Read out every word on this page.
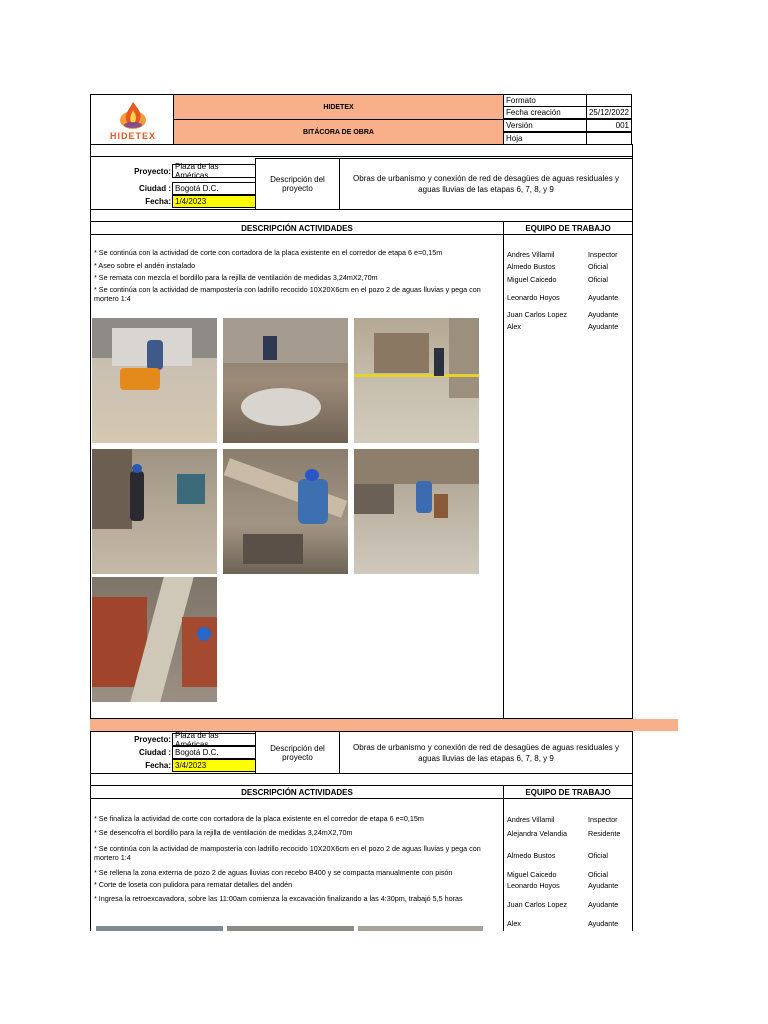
HIDETEX
HIDETEX
BITÁCORA DE OBRA
Formato
Fecha creación	25/12/2022
Versión	001
Hoja
Proyecto: Plaza de las Américas
Ciudad : Bogotá D.C.
Fecha: 1/4/2023
Descripción del proyecto
Obras de urbanismo y conexión de red de desagües de aguas residuales y aguas lluvias de las etapas 6, 7, 8, y 9
DESCRIPCIÓN ACTIVIDADES	EQUIPO DE TRABAJO
* Se continúa con la actividad de corte con cortadora de la placa existente en el corredor de etapa 6 e=0,15m
* Aseo sobre el andén instalado
* Se remata con mezcla el bordillo para la rejilla de ventilación de medidas 3,24mX2,70m
* Se continúa con la actividad de mampostería con ladrillo recocido 10X20X6cm en el pozo 2 de aguas lluvias y pega con mortero 1:4
Andres Villamil	Inspector
Almedo Bustos	Oficial
Miguel Caicedo	Oficial
Leonardo Hoyos	Ayudante
Juan Carlos Lopez	Ayudante
Alex	Ayudante
Proyecto: Plaza de las Américas
Ciudad : Bogotá D.C.
Fecha: 3/4/2023
Descripción del proyecto
Obras de urbanismo y conexión de red de desagües de aguas residuales y aguas lluvias de las etapas 6, 7, 8, y 9
DESCRIPCIÓN ACTIVIDADES	EQUIPO DE TRABAJO
* Se finaliza la actividad de corte con cortadora de la placa existente en el corredor de etapa 6 e=0,15m
* Se desencofra el bordillo para la rejilla de ventilación de medidas 3,24mX2,70m
* Se continúa con la actividad de mampostería con ladrillo recocido 10X20X6cm en el pozo 2 de aguas lluvias y pega con mortero 1:4
* Se rellena la zona externa de pozo 2 de aguas lluvias con recebo B400 y se compacta manualmente con pisón
* Corte de loseta con pulidora para rematar detalles del andén
* Ingresa la retroexcavadora, sobre las 11:00am comienza la excavación finalizando a las 4:30pm, trabajó 5,5 horas
Andres Villamil	Inspector
Alejandra Velandia	Residente
Almedo Bustos	Oficial
Miguel Caicedo	Oficial
Leonardo Hoyos	Ayudante
Juan Carlos Lopez	Ayudante
Alex	Ayudante
